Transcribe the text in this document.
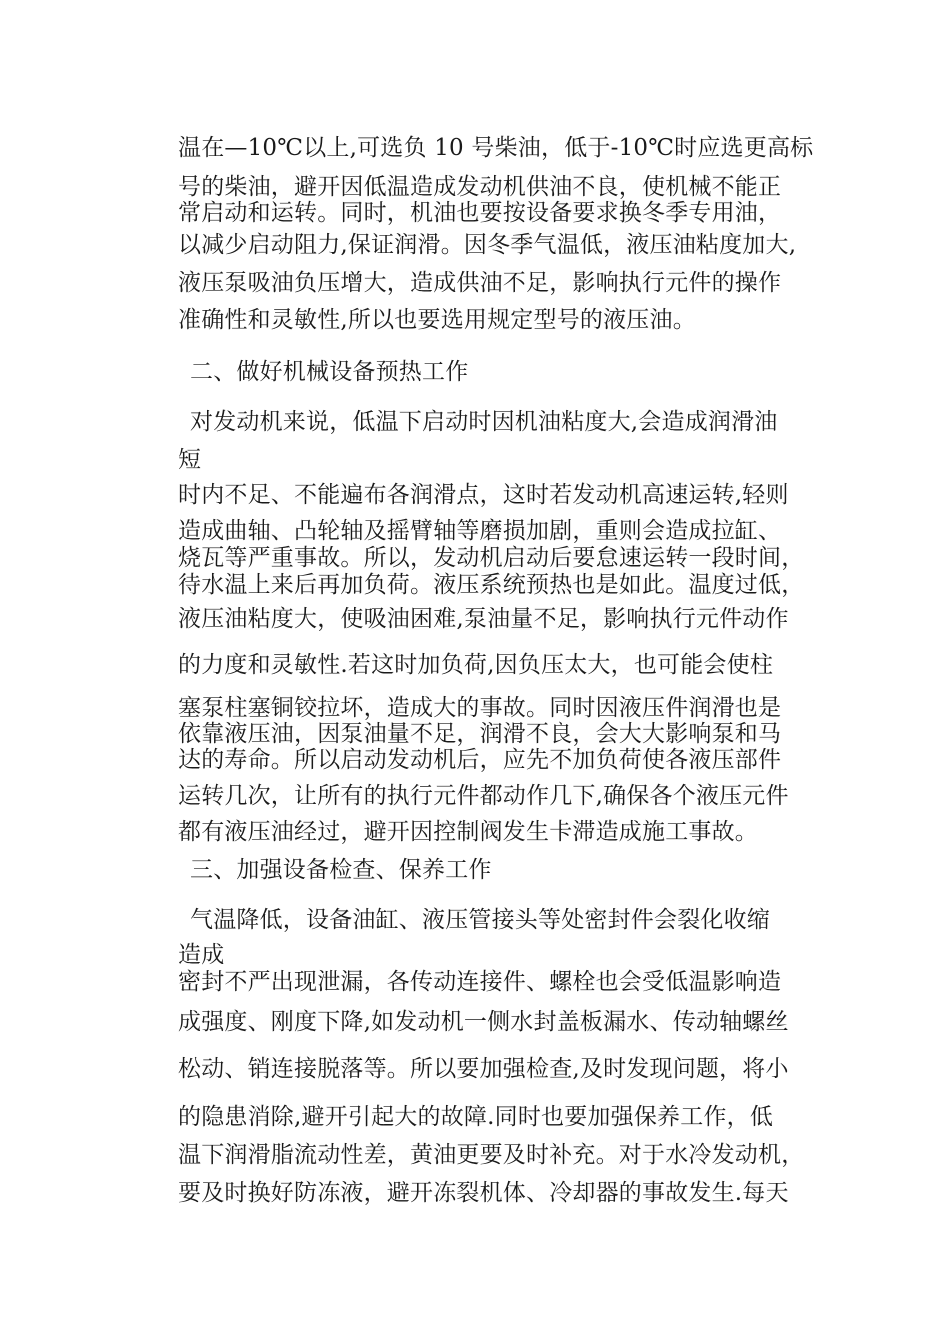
温在—10℃以上,可选负 10 号柴油，低于-10℃时应选更高标
号的柴油，避开因低温造成发动机供油不良，使机械不能正
常启动和运转。同时，机油也要按设备要求换冬季专用油，
以减少启动阻力,保证润滑。因冬季气温低，液压油粘度加大,
液压泵吸油负压增大，造成供油不足，影响执行元件的操作
准确性和灵敏性,所以也要选用规定型号的液压油。
二、做好机械设备预热工作
对发动机来说，低温下启动时因机油粘度大,会造成润滑油
短
时内不足、不能遍布各润滑点，这时若发动机高速运转,轻则
造成曲轴、凸轮轴及摇臂轴等磨损加剧，重则会造成拉缸、
烧瓦等严重事故。所以，发动机启动后要怠速运转一段时间，
待水温上来后再加负荷。液压系统预热也是如此。温度过低，
液压油粘度大，使吸油困难,泵油量不足，影响执行元件动作
的力度和灵敏性.若这时加负荷,因负压太大，也可能会使柱
塞泵柱塞铜铰拉坏，造成大的事故。同时因液压件润滑也是
依靠液压油，因泵油量不足，润滑不良，会大大影响泵和马
达的寿命。所以启动发动机后，应先不加负荷使各液压部件
运转几次，让所有的执行元件都动作几下,确保各个液压元件
都有液压油经过，避开因控制阀发生卡滞造成施工事故。
三、加强设备检查、保养工作
气温降低，设备油缸、液压管接头等处密封件会裂化收缩
造成
密封不严出现泄漏，各传动连接件、螺栓也会受低温影响造
成强度、刚度下降,如发动机一侧水封盖板漏水、传动轴螺丝
松动、销连接脱落等。所以要加强检查,及时发现问题，将小
的隐患消除,避开引起大的故障.同时也要加强保养工作，低
温下润滑脂流动性差，黄油更要及时补充。对于水冷发动机，
要及时换好防冻液，避开冻裂机体、冷却器的事故发生.每天
